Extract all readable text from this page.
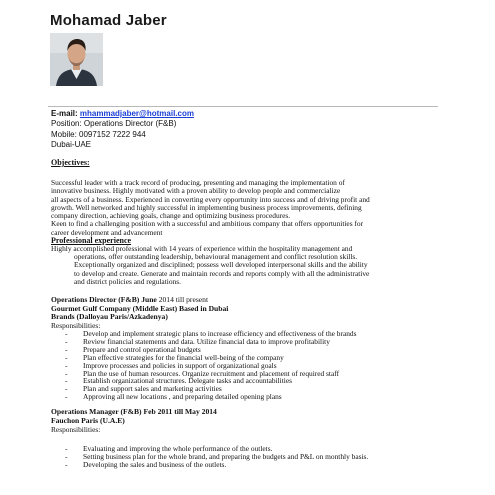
Mohamad Jaber
E-mail: mhammadjaber@hotmail.com
Position: Operations Director (F&B)
Mobile: 0097152 7222 944
Dubai-UAE
Objectives:
Successful leader with a track record of producing, presenting and managing the implementation of
innovative business. Highly motivated with a proven ability to develop people and commercialize
all aspects of a business. Experienced in converting every opportunity into success and of driving profit and
growth. Well networked and highly successful in implementing business process improvements, defining
company direction, achieving goals, change and optimizing business procedures.
Keen to find a challenging position with a successful and ambitious company that offers opportunities for
career development and advancement
Professional experience
Highly accomplished professional with 14 years of experience within the hospitality management and
operations, offer outstanding leadership, behavioural management and conflict resolution skills.
Exceptionally organized and disciplined; possess well developed interpersonal skills and the ability
to develop and create. Generate and maintain records and reports comply with all the administrative
and district policies and regulations.
Operations Director (F&B) June 2014 till present
Gourmet Gulf Company (Middle East) Based in Dubai
Brands (Dalloyau Paris/Azkadenya)
Responsibilities:
- Develop and implement strategic plans to increase efficiency and effectiveness of the brands
- Review financial statements and data. Utilize financial data to improve profitability
- Prepare and control operational budgets
- Plan effective strategies for the financial well-being of the company
- Improve processes and policies in support of organizational goals
- Plan the use of human resources. Organize recruitment and placement of required staff
- Establish organizational structures. Delegate tasks and accountabilities
- Plan and support sales and marketing activities
- Approving all new locations , and preparing detailed opening plans
Operations Manager (F&B) Feb 2011 till May 2014
Fauchon Paris (U.A.E)
Responsibilities:
- Evaluating and improving the whole performance of the outlets.
- Setting business plan for the whole brand, and preparing the budgets and P&L on monthly basis.
- Developing the sales and business of the outlets.
